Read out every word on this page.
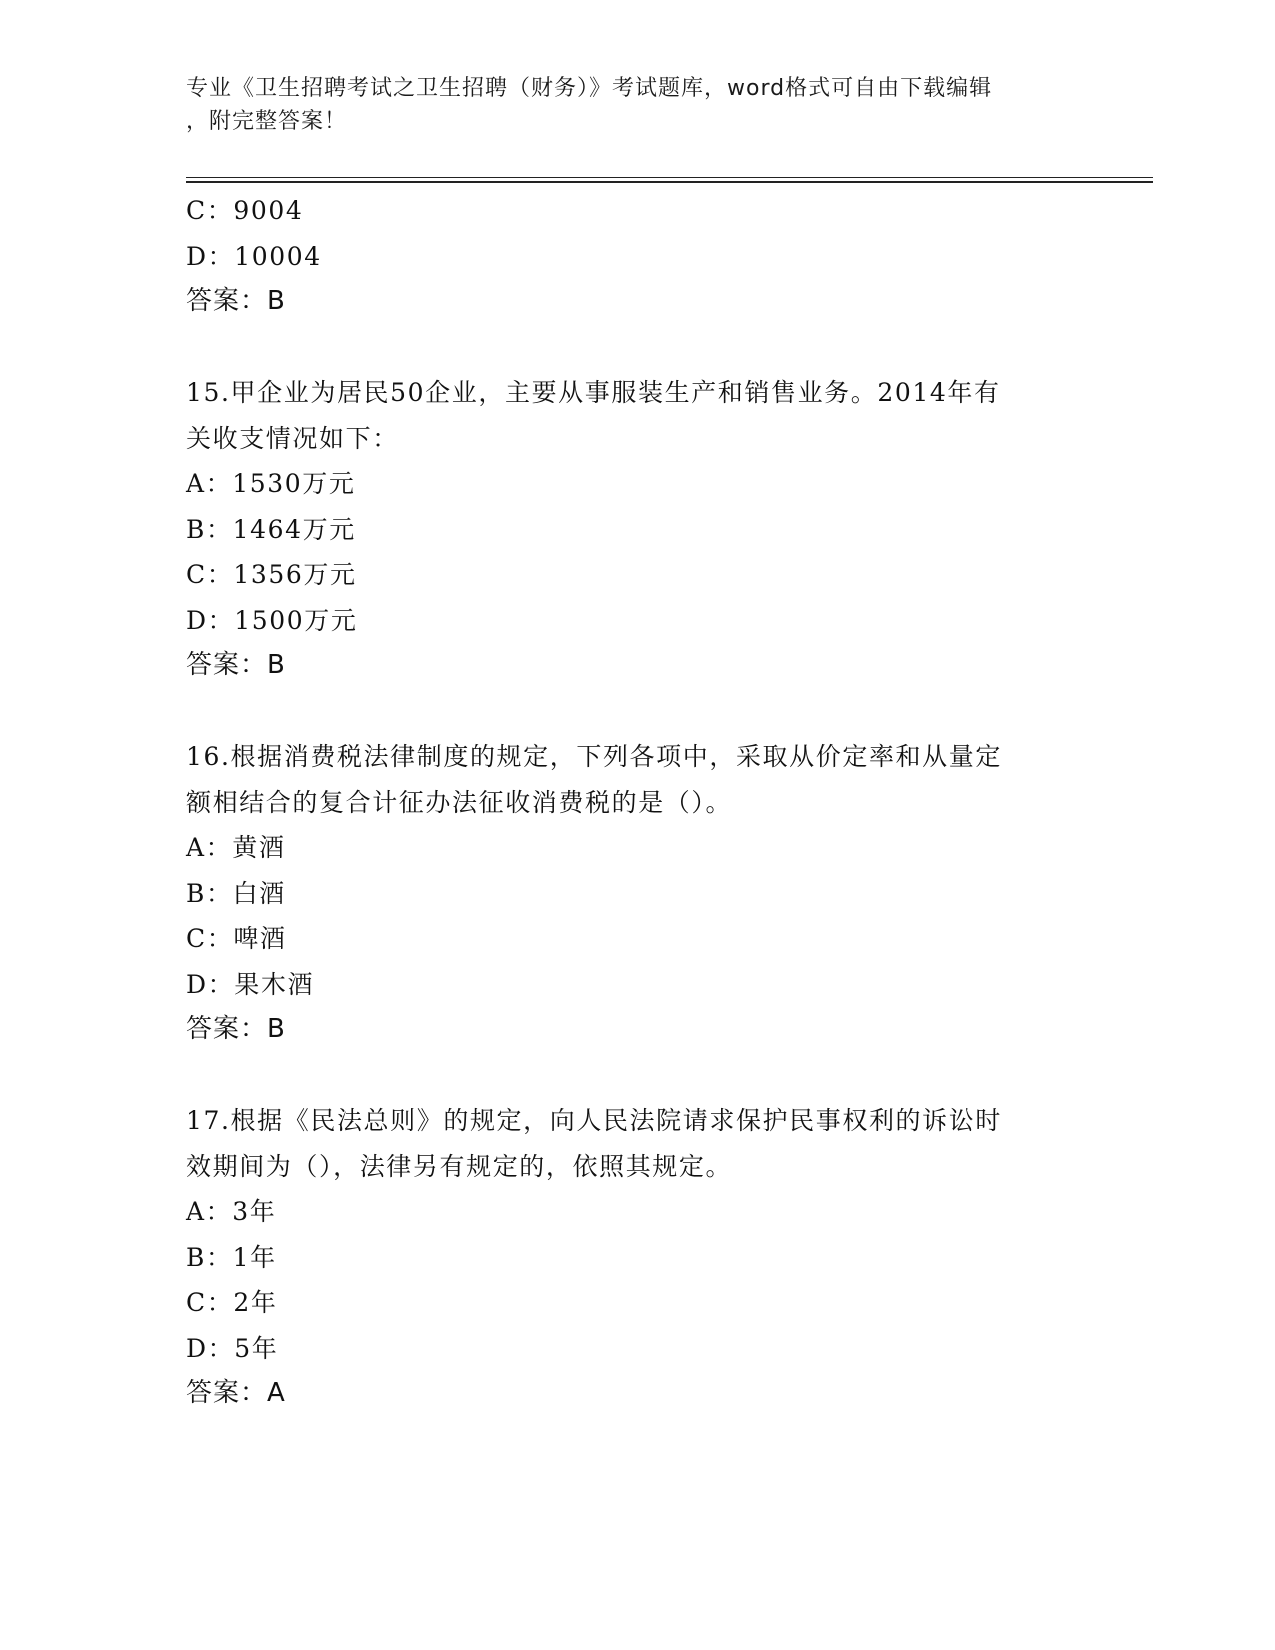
专业《卫生招聘考试之卫生招聘（财务）》考试题库，word格式可自由下载编辑
，附完整答案！
C：9004
D：10004
答案：B
15.甲企业为居民50企业，主要从事服装生产和销售业务。2014年有
关收支情况如下：
A：1530万元
B：1464万元
C：1356万元
D：1500万元
答案：B
16.根据消费税法律制度的规定，下列各项中，采取从价定率和从量定
额相结合的复合计征办法征收消费税的是（）。
A：黄酒
B：白酒
C：啤酒
D：果木酒
答案：B
17.根据《民法总则》的规定，向人民法院请求保护民事权利的诉讼时
效期间为（），法律另有规定的，依照其规定。
A：3年
B：1年
C：2年
D：5年
答案：A
